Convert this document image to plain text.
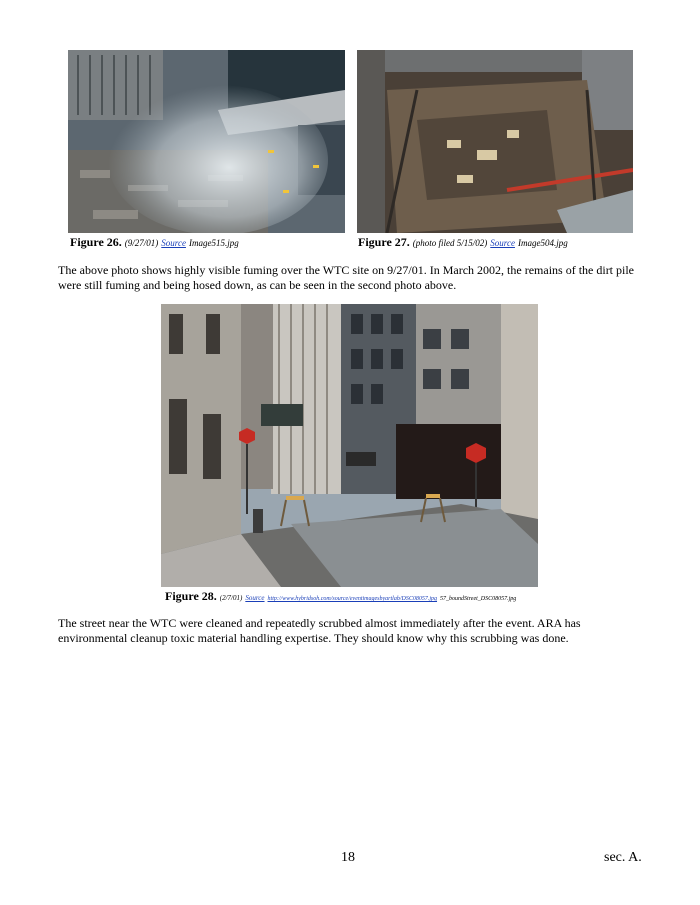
Figure 26. (9/27/01) Source Image515.jpg	Figure 27. (photo filed 5/15/02) Source Image504.jpg
The above photo shows highly visible fuming over the WTC site on 9/27/01. In March 2002, the remains of the dirt pile were still fuming and being hosed down, as can be seen in the second photo above.
Figure 28. (2/7/01) Source http://www.hybridsoh.com/source/eventimagesbyartlab/DSC08057.jpg 57_boundStreet_DSC08057.jpg
The street near the WTC were cleaned and repeatedly scrubbed almost immediately after the event. ARA has environmental cleanup toxic material handling expertise. They should know why this scrubbing was done.
18	sec. A.
